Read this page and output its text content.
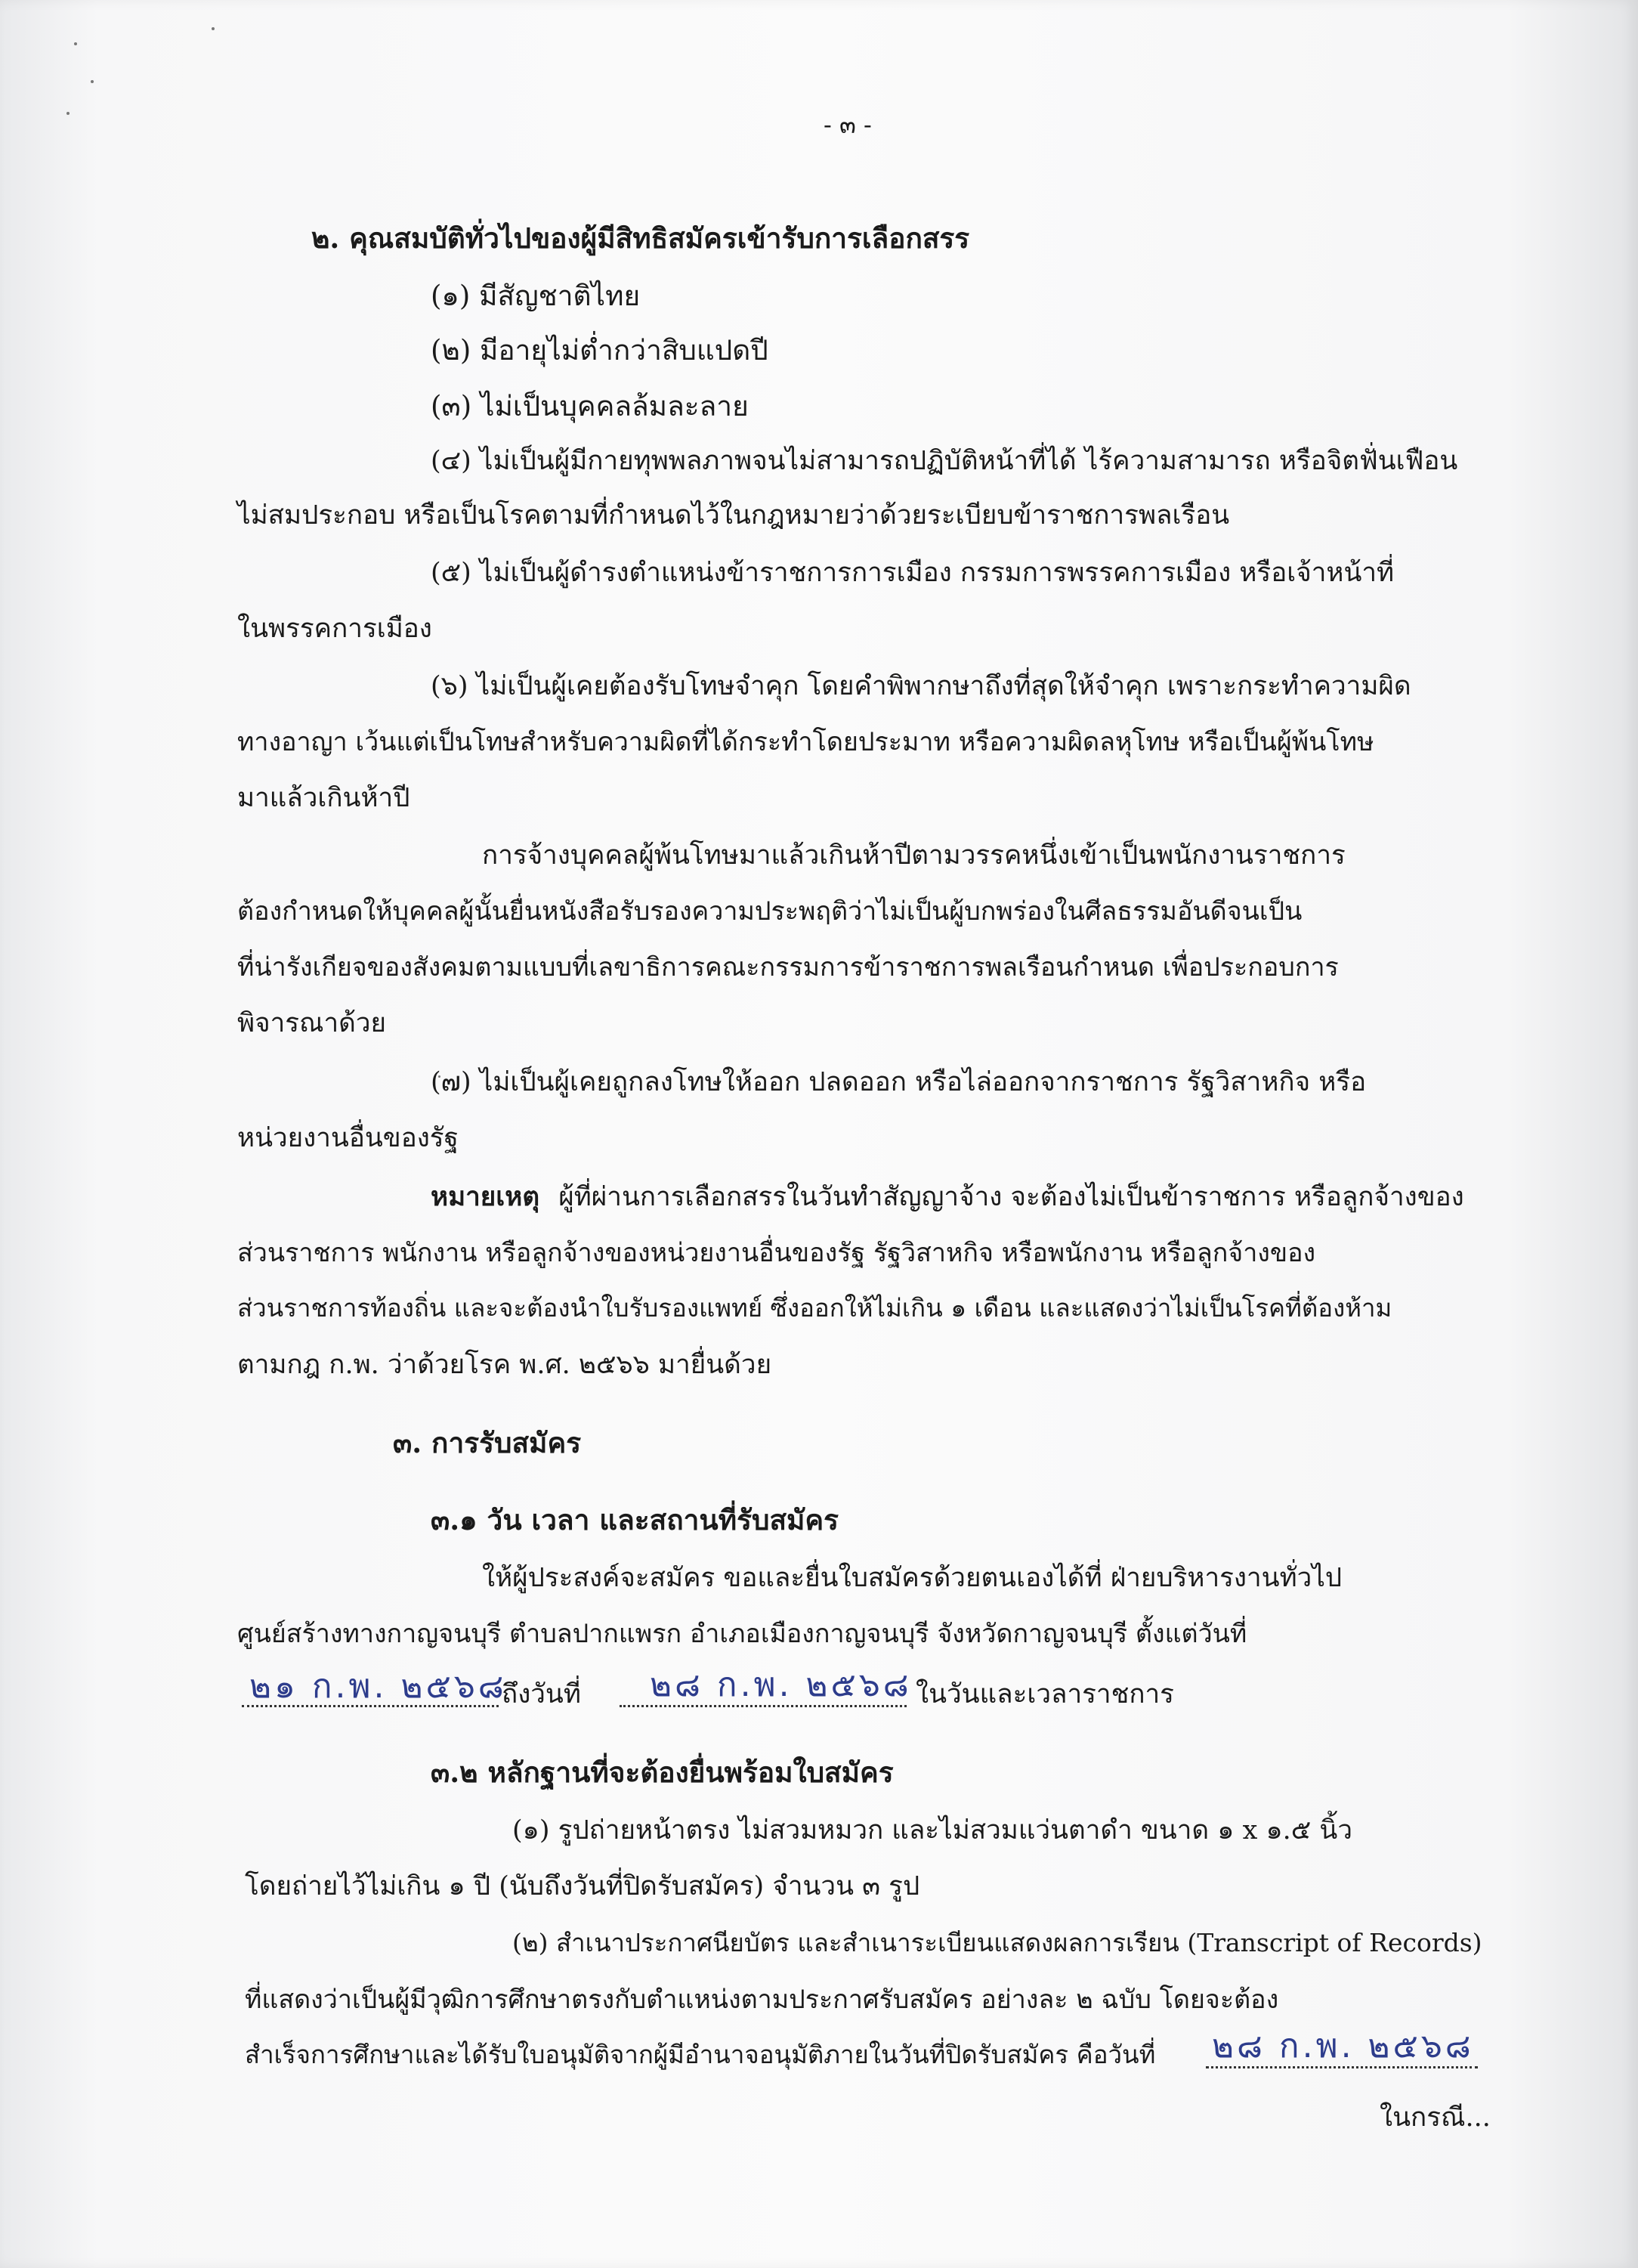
- ๓ -
๒. คุณสมบัติทั่วไปของผู้มีสิทธิสมัครเข้ารับการเลือกสรร
(๑) มีสัญชาติไทย
(๒) มีอายุไม่ต่ำกว่าสิบแปดปี
(๓) ไม่เป็นบุคคลล้มละลาย
(๔) ไม่เป็นผู้มีกายทุพพลภาพจนไม่สามารถปฏิบัติหน้าที่ได้ ไร้ความสามารถ หรือจิตฟั่นเฟือน
ไม่สมประกอบ หรือเป็นโรคตามที่กำหนดไว้ในกฎหมายว่าด้วยระเบียบข้าราชการพลเรือน
(๕) ไม่เป็นผู้ดำรงตำแหน่งข้าราชการการเมือง กรรมการพรรคการเมือง หรือเจ้าหน้าที่
ในพรรคการเมือง
(๖) ไม่เป็นผู้เคยต้องรับโทษจำคุก โดยคำพิพากษาถึงที่สุดให้จำคุก เพราะกระทำความผิด
ทางอาญา เว้นแต่เป็นโทษสำหรับความผิดที่ได้กระทำโดยประมาท หรือความผิดลหุโทษ หรือเป็นผู้พ้นโทษ
มาแล้วเกินห้าปี
การจ้างบุคคลผู้พ้นโทษมาแล้วเกินห้าปีตามวรรคหนึ่งเข้าเป็นพนักงานราชการ
ต้องกำหนดให้บุคคลผู้นั้นยื่นหนังสือรับรองความประพฤติว่าไม่เป็นผู้บกพร่องในศีลธรรมอันดีจนเป็น
ที่น่ารังเกียจของสังคมตามแบบที่เลขาธิการคณะกรรมการข้าราชการพลเรือนกำหนด เพื่อประกอบการ
พิจารณาด้วย
(๗) ไม่เป็นผู้เคยถูกลงโทษให้ออก ปลดออก หรือไล่ออกจากราชการ รัฐวิสาหกิจ หรือ
หน่วยงานอื่นของรัฐ
หมายเหตุ ผู้ที่ผ่านการเลือกสรรในวันทำสัญญาจ้าง จะต้องไม่เป็นข้าราชการ หรือลูกจ้างของ
ส่วนราชการ พนักงาน หรือลูกจ้างของหน่วยงานอื่นของรัฐ รัฐวิสาหกิจ หรือพนักงาน หรือลูกจ้างของ
ส่วนราชการท้องถิ่น และจะต้องนำใบรับรองแพทย์ ซึ่งออกให้ไม่เกิน ๑ เดือน และแสดงว่าไม่เป็นโรคที่ต้องห้าม
ตามกฎ ก.พ. ว่าด้วยโรค พ.ศ. ๒๕๖๖ มายื่นด้วย
๓. การรับสมัคร
๓.๑ วัน เวลา และสถานที่รับสมัคร
ให้ผู้ประสงค์จะสมัคร ขอและยื่นใบสมัครด้วยตนเองได้ที่ ฝ่ายบริหารงานทั่วไป
ศูนย์สร้างทางกาญจนบุรี ตำบลปากแพรก อำเภอเมืองกาญจนบุรี จังหวัดกาญจนบุรี ตั้งแต่วันที่
๒๑ ก.พ. ๒๕๖๘
ถึงวันที่ ๒๘ ก.พ. ๒๕๖๘ ในวันและเวลาราชการ
๓.๒ หลักฐานที่จะต้องยื่นพร้อมใบสมัคร
(๑) รูปถ่ายหน้าตรง ไม่สวมหมวก และไม่สวมแว่นตาดำ ขนาด ๑ x ๑.๕ นิ้ว
โดยถ่ายไว้ไม่เกิน ๑ ปี (นับถึงวันที่ปิดรับสมัคร) จำนวน ๓ รูป
(๒) สำเนาประกาศนียบัตร และสำเนาระเบียนแสดงผลการเรียน (Transcript of Records)
ที่แสดงว่าเป็นผู้มีวุฒิการศึกษาตรงกับตำแหน่งตามประกาศรับสมัคร อย่างละ ๒ ฉบับ โดยจะต้อง
สำเร็จการศึกษาและได้รับใบอนุมัติจากผู้มีอำนาจอนุมัติภายในวันที่ปิดรับสมัคร คือวันที่ ๒๘ ก.พ. ๒๕๖๘
ในกรณี...
